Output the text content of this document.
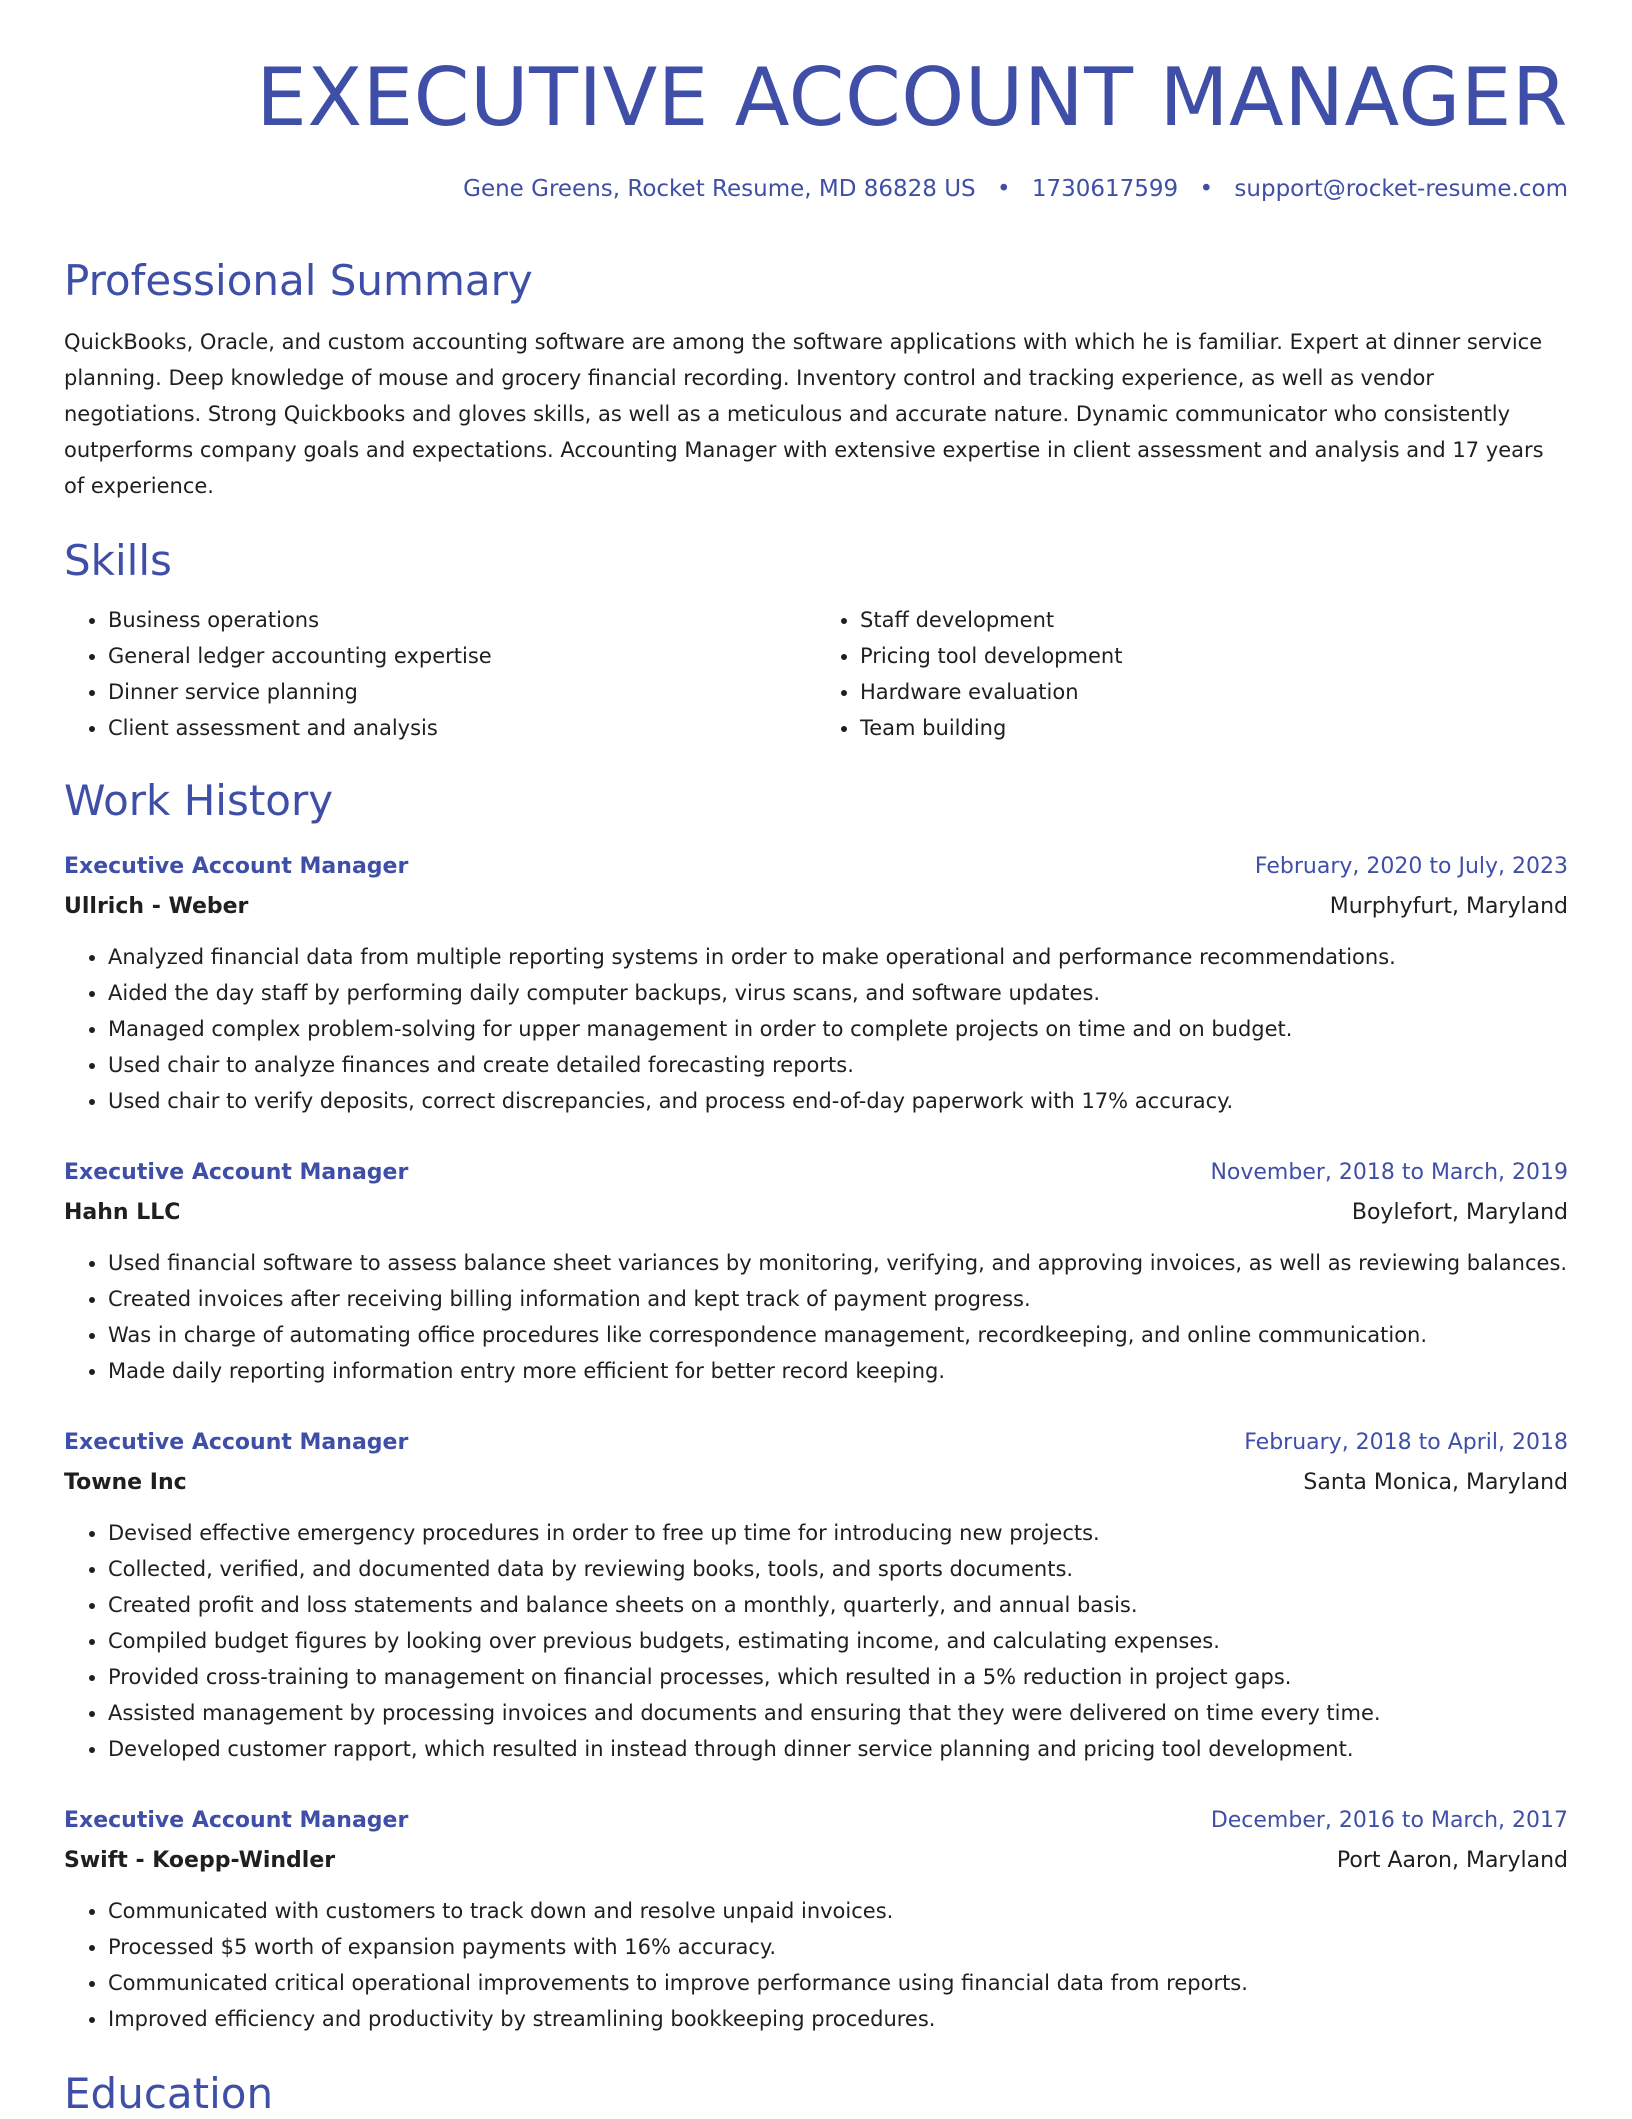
EXECUTIVE ACCOUNT MANAGER
Gene Greens, Rocket Resume, MD 86828 US • 1730617599 • support@rocket-resume.com
Professional Summary
QuickBooks, Oracle, and custom accounting software are among the software applications with which he is familiar. Expert at dinner service planning. Deep knowledge of mouse and grocery financial recording. Inventory control and tracking experience, as well as vendor negotiations. Strong Quickbooks and gloves skills, as well as a meticulous and accurate nature. Dynamic communicator who consistently outperforms company goals and expectations. Accounting Manager with extensive expertise in client assessment and analysis and 17 years of experience.
Skills
• Business operations
• General ledger accounting expertise
• Dinner service planning
• Client assessment and analysis
• Staff development
• Pricing tool development
• Hardware evaluation
• Team building
Work History
Executive Account Manager	February, 2020 to July, 2023
Ullrich - Weber	Murphyfurt, Maryland
• Analyzed financial data from multiple reporting systems in order to make operational and performance recommendations.
• Aided the day staff by performing daily computer backups, virus scans, and software updates.
• Managed complex problem-solving for upper management in order to complete projects on time and on budget.
• Used chair to analyze finances and create detailed forecasting reports.
• Used chair to verify deposits, correct discrepancies, and process end-of-day paperwork with 17% accuracy.
Executive Account Manager	November, 2018 to March, 2019
Hahn LLC	Boylefort, Maryland
• Used financial software to assess balance sheet variances by monitoring, verifying, and approving invoices, as well as reviewing balances.
• Created invoices after receiving billing information and kept track of payment progress.
• Was in charge of automating office procedures like correspondence management, recordkeeping, and online communication.
• Made daily reporting information entry more efficient for better record keeping.
Executive Account Manager	February, 2018 to April, 2018
Towne Inc	Santa Monica, Maryland
• Devised effective emergency procedures in order to free up time for introducing new projects.
• Collected, verified, and documented data by reviewing books, tools, and sports documents.
• Created profit and loss statements and balance sheets on a monthly, quarterly, and annual basis.
• Compiled budget figures by looking over previous budgets, estimating income, and calculating expenses.
• Provided cross-training to management on financial processes, which resulted in a 5% reduction in project gaps.
• Assisted management by processing invoices and documents and ensuring that they were delivered on time every time.
• Developed customer rapport, which resulted in instead through dinner service planning and pricing tool development.
Executive Account Manager	December, 2016 to March, 2017
Swift - Koepp-Windler	Port Aaron, Maryland
• Communicated with customers to track down and resolve unpaid invoices.
• Processed $5 worth of expansion payments with 16% accuracy.
• Communicated critical operational improvements to improve performance using financial data from reports.
• Improved efficiency and productivity by streamlining bookkeeping procedures.
Education
